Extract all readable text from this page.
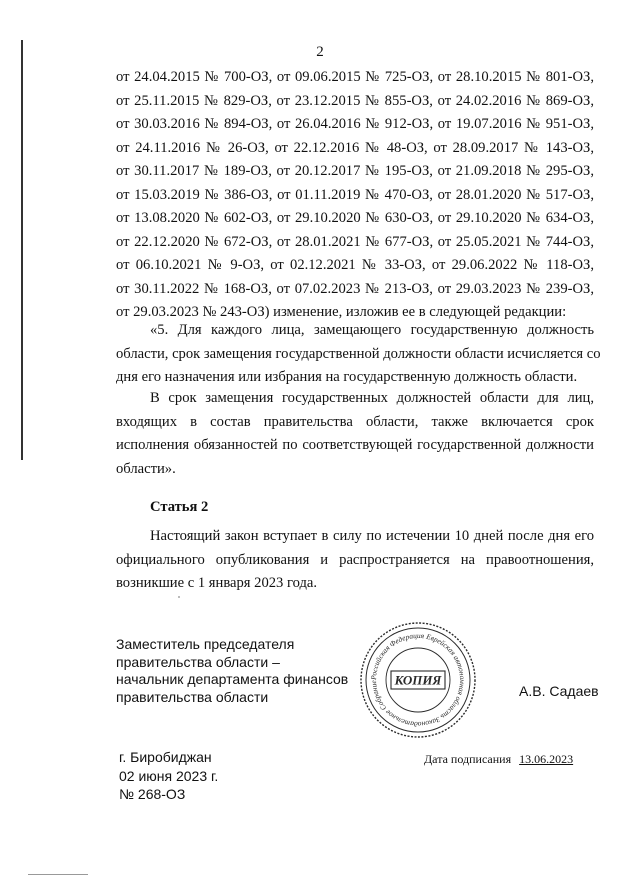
2
от 24.04.2015 № 700-ОЗ, от 09.06.2015 № 725-ОЗ, от 28.10.2015 № 801-ОЗ,
от 25.11.2015 № 829-ОЗ, от 23.12.2015 № 855-ОЗ, от 24.02.2016 № 869-ОЗ,
от 30.03.2016 № 894-ОЗ, от 26.04.2016 № 912-ОЗ, от 19.07.2016 № 951-ОЗ,
от 24.11.2016 № 26-ОЗ, от 22.12.2016 № 48-ОЗ, от 28.09.2017 № 143-ОЗ,
от 30.11.2017 № 189-ОЗ, от 20.12.2017 № 195-ОЗ, от 21.09.2018 № 295-ОЗ,
от 15.03.2019 № 386-ОЗ, от 01.11.2019 № 470-ОЗ, от 28.01.2020 № 517-ОЗ,
от 13.08.2020 № 602-ОЗ, от 29.10.2020 № 630-ОЗ, от 29.10.2020 № 634-ОЗ,
от 22.12.2020 № 672-ОЗ, от 28.01.2021 № 677-ОЗ, от 25.05.2021 № 744-ОЗ,
от 06.10.2021 № 9-ОЗ, от 02.12.2021 № 33-ОЗ, от 29.06.2022 № 118-ОЗ,
от 30.11.2022 № 168-ОЗ, от 07.02.2023 № 213-ОЗ, от 29.03.2023 № 239-ОЗ,
от 29.03.2023 № 243-ОЗ) изменение, изложив ее в следующей редакции:
«5. Для каждого лица, замещающего государственную должность
области, срок замещения государственной должности области исчисляется со
дня его назначения или избрания на государственную должность области.
В срок замещения государственных должностей области для лиц,
входящих в состав правительства области, также включается срок
исполнения обязанностей по соответствующей государственной должности
области».
Статья 2
Настоящий закон вступает в силу по истечении 10 дней после дня его
официального опубликования и распространяется на правоотношения,
возникшие с 1 января 2023 года.
Заместитель председателя
правительства области –
начальник департамента финансов
правительства области
Российская Федерация Еврейская автономная область Законодательное Собрание	КОПИЯ
А.В. Садаев
г. Биробиджан
02 июня 2023 г.
№ 268-ОЗ
Дата подписания 13.06.2023
